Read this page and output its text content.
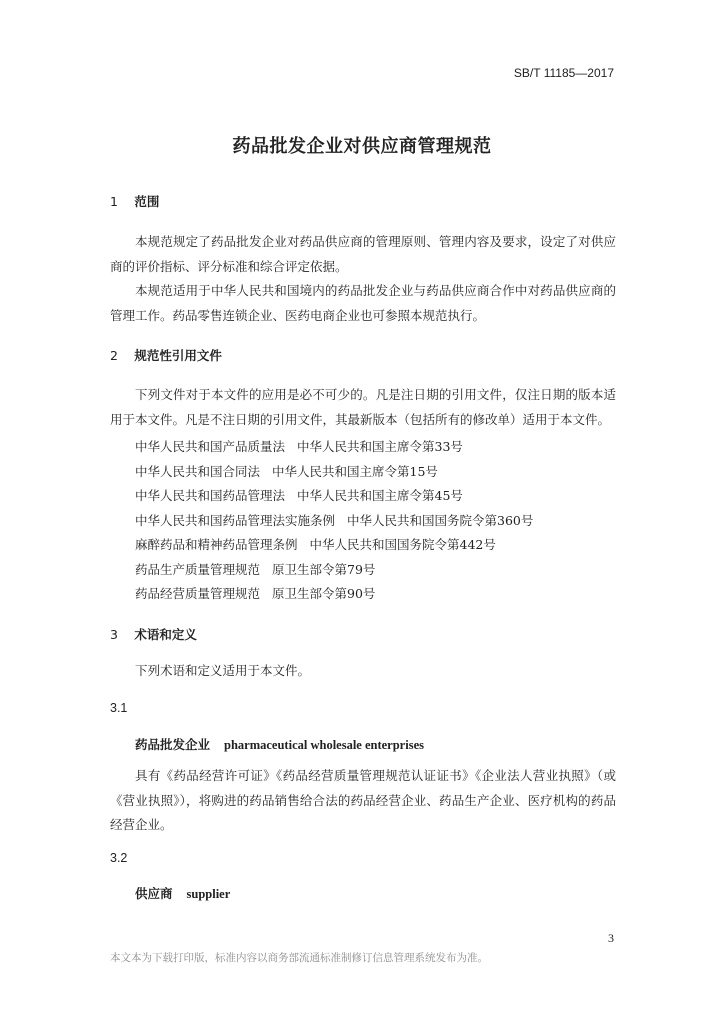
SB/T 11185—2017
药品批发企业对供应商管理规范
1 范围

本规范规定了药品批发企业对药品供应商的管理原则、管理内容及要求，设定了对供应商的评价指标、评分标准和综合评定依据。

本规范适用于中华人民共和国境内的药品批发企业与药品供应商合作中对药品供应商的管理工作。药品零售连锁企业、医药电商企业也可参照本规范执行。

2 规范性引用文件

下列文件对于本文件的应用是必不可少的。凡是注日期的引用文件，仅注日期的版本适用于本文件。凡是不注日期的引用文件，其最新版本（包括所有的修改单）适用于本文件。

中华人民共和国产品质量法 中华人民共和国主席令第33号
中华人民共和国合同法 中华人民共和国主席令第15号
中华人民共和国药品管理法 中华人民共和国主席令第45号
中华人民共和国药品管理法实施条例 中华人民共和国国务院令第360号
麻醉药品和精神药品管理条例 中华人民共和国国务院令第442号
药品生产质量管理规范 原卫生部令第79号
药品经营质量管理规范 原卫生部令第90号
3 术语和定义

下列术语和定义适用于本文件。

3.1
药品批发企业 pharmaceutical wholesale enterprises

具有《药品经营许可证》《药品经营质量管理规范认证证书》《企业法人营业执照》（或《营业执照》），将购进的药品销售给合法的药品经营企业、药品生产企业、医疗机构的药品经营企业。

3.2
供应商 supplier
3
本文本为下载打印版，标准内容以商务部流通标准制修订信息管理系统发布为准。
